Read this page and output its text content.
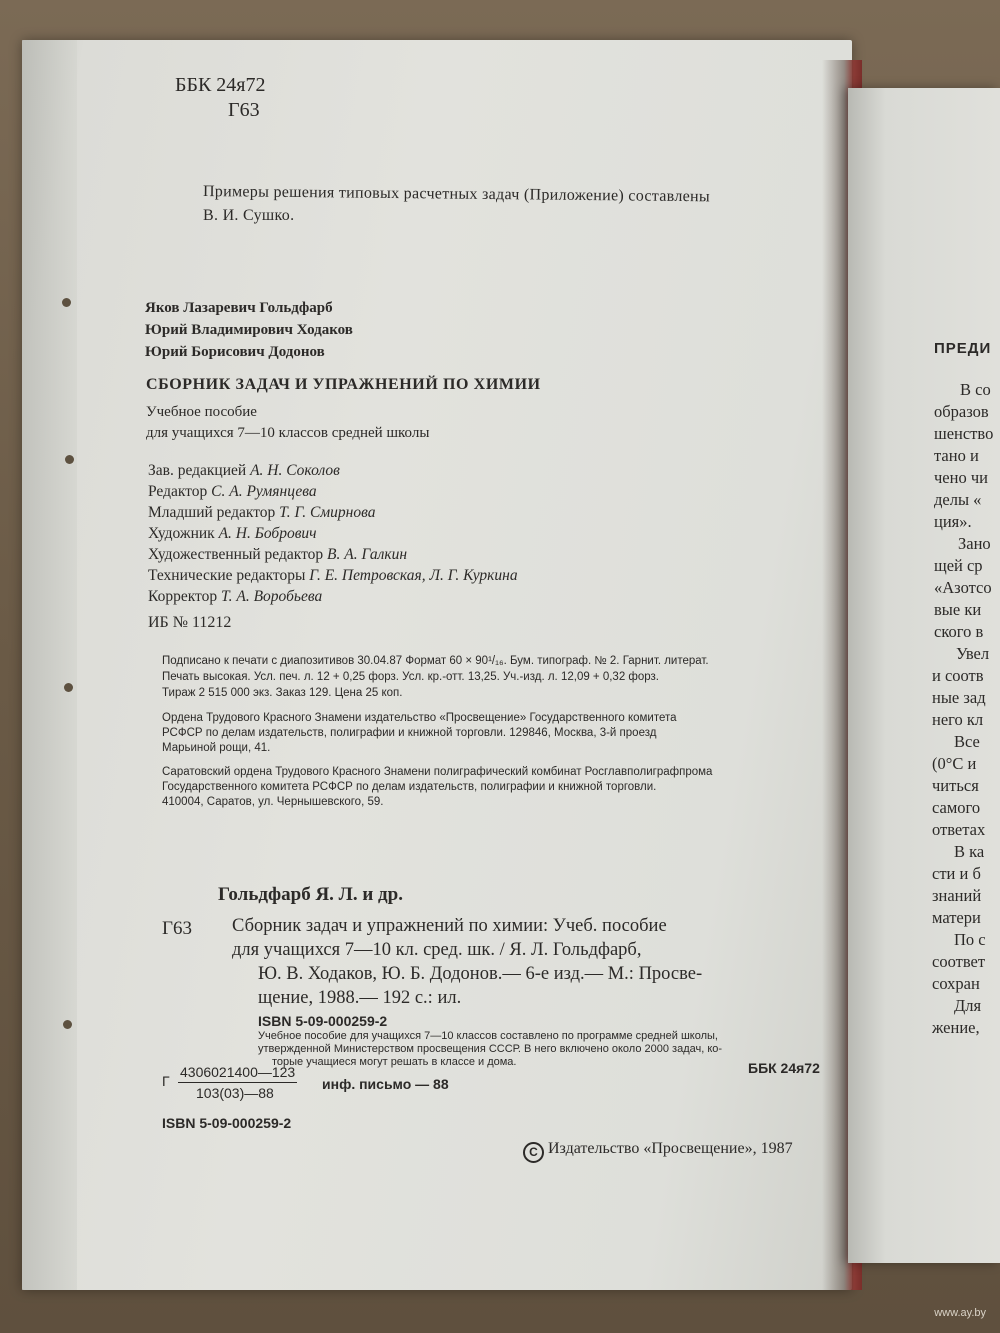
ББК 24я72
Г63
Примеры решения типовых расчетных задач (Приложение) составлены
В. И. Сушко.
Яков Лазаревич Гольдфарб
Юрий Владимирович Ходаков
Юрий Борисович Додонов
СБОРНИК ЗАДАЧ И УПРАЖНЕНИЙ ПО ХИМИИ
Учебное пособие
для учащихся 7—10 классов средней школы
Зав. редакцией А. Н. Соколов
Редактор С. А. Румянцева
Младший редактор Т. Г. Смирнова
Художник А. Н. Бобрович
Художественный редактор В. А. Галкин
Технические редакторы Г. Е. Петровская, Л. Г. Куркина
Корректор Т. А. Воробьева
ИБ № 11212
Подписано к печати с диапозитивов 30.04.87 Формат 60 × 90¹/₁₆. Бум. типограф. № 2. Гарнит. литерат.
Печать высокая. Усл. печ. л. 12 + 0,25 форз. Усл. кр.-отт. 13,25. Уч.-изд. л. 12,09 + 0,32 форз.
Тираж 2 515 000 экз. Заказ 129. Цена 25 коп.
Ордена Трудового Красного Знамени издательство «Просвещение» Государственного комитета
РСФСР по делам издательств, полиграфии и книжной торговли. 129846, Москва, 3-й проезд
Марьиной рощи, 41.
Саратовский ордена Трудового Красного Знамени полиграфический комбинат Росглавполиграфпрома
Государственного комитета РСФСР по делам издательств, полиграфии и книжной торговли.
410004, Саратов, ул. Чернышевского, 59.
Гольдфарб Я. Л. и др.
Г63 Сборник задач и упражнений по химии: Учеб. пособие
для учащихся 7—10 кл. сред. шк. / Я. Л. Гольдфарб,
Ю. В. Ходаков, Ю. Б. Додонов.— 6-е изд.— М.: Просве-
щение, 1988.— 192 с.: ил.
ISBN 5-09-000259-2
Учебное пособие для учащихся 7—10 классов составлено по программе средней школы,
утвержденной Министерством просвещения СССР. В него включено около 2000 задач, ко-
торые учащиеся могут решать в классе и дома.
Г
4306021400—123
103(03)—88
инф. письмо — 88
ББК 24я72
ISBN 5-09-000259-2
C Издательство «Просвещение», 1987
ПРЕДИ
В со
образов
шенство
тано и
чено чи
делы «
ция».
Зано
щей ср
«Азотсо
вые ки
ского в
Увел
и соотв
ные зад
него кл
Все
(0°С и
читься
самого
ответах
В ка
сти и б
знаний
матери
По с
соответ
сохран
Для
жение,
www.ay.by
